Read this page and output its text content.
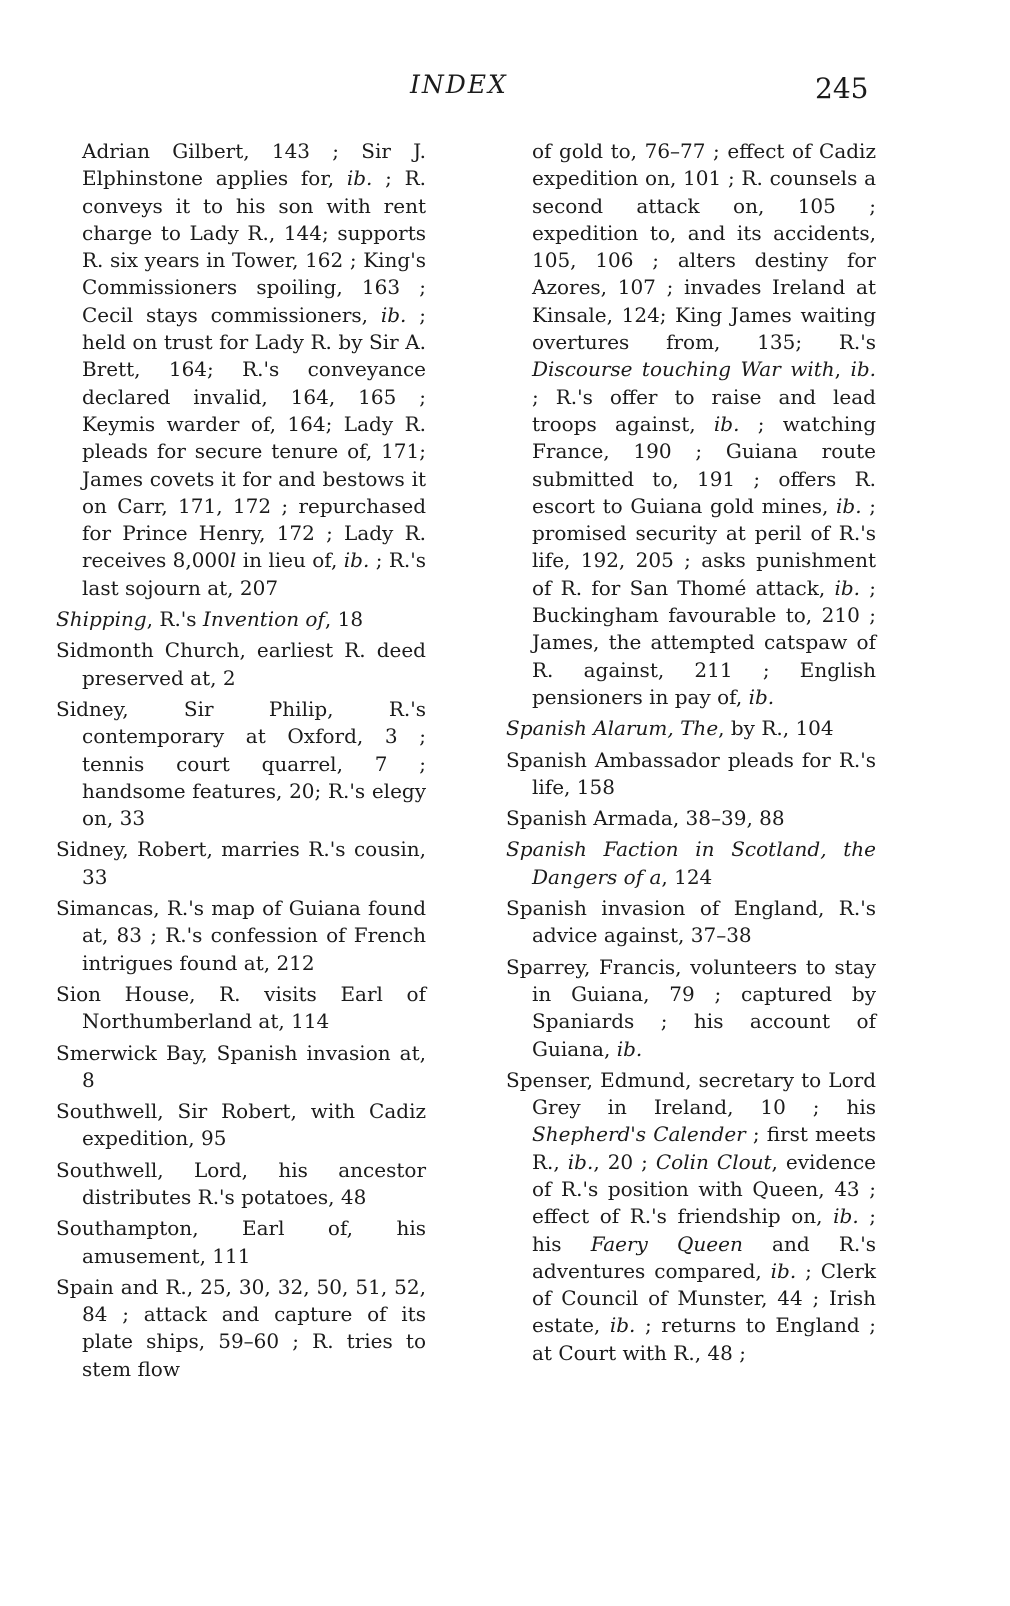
INDEX	245

Adrian Gilbert, 143 ; Sir J. Elphinstone applies for, ib. ; R. conveys it to his son with rent charge to Lady R., 144; supports R. six years in Tower, 162 ; King's Commissioners spoiling, 163 ; Cecil stays commissioners, ib. ; held on trust for Lady R. by Sir A. Brett, 164; R.'s conveyance declared invalid, 164, 165 ; Keymis warder of, 164; Lady R. pleads for secure tenure of, 171; James covets it for and bestows it on Carr, 171, 172 ; repurchased for Prince Henry, 172 ; Lady R. receives 8,000l in lieu of, ib. ; R.'s last sojourn at, 207

Shipping, R.'s Invention of, 18

Sidmonth Church, earliest R. deed preserved at, 2

Sidney, Sir Philip, R.'s contemporary at Oxford, 3 ; tennis court quarrel, 7 ; handsome features, 20; R.'s elegy on, 33

Sidney, Robert, marries R.'s cousin, 33

Simancas, R.'s map of Guiana found at, 83 ; R.'s confession of French intrigues found at, 212

Sion House, R. visits Earl of Northumberland at, 114

Smerwick Bay, Spanish invasion at, 8

Southwell, Sir Robert, with Cadiz expedition, 95

Southwell, Lord, his ancestor distributes R.'s potatoes, 48

Southampton, Earl of, his amusement, 111

Spain and R., 25, 30, 32, 50, 51, 52, 84 ; attack and capture of its plate ships, 59–60 ; R. tries to stem flow

of gold to, 76–77 ; effect of Cadiz expedition on, 101 ; R. counsels a second attack on, 105 ; expedition to, and its accidents, 105, 106 ; alters destiny for Azores, 107 ; invades Ireland at Kinsale, 124; King James waiting overtures from, 135; R.'s Discourse touching War with, ib. ; R.'s offer to raise and lead troops against, ib. ; watching France, 190 ; Guiana route submitted to, 191 ; offers R. escort to Guiana gold mines, ib. ; promised security at peril of R.'s life, 192, 205 ; asks punishment of R. for San Thomé attack, ib. ; Buckingham favourable to, 210 ; James, the attempted catspaw of R. against, 211 ; English pensioners in pay of, ib.

Spanish Alarum, The, by R., 104

Spanish Ambassador pleads for R.'s life, 158

Spanish Armada, 38–39, 88

Spanish Faction in Scotland, the Dangers of a, 124

Spanish invasion of England, R.'s advice against, 37–38

Sparrey, Francis, volunteers to stay in Guiana, 79 ; captured by Spaniards ; his account of Guiana, ib.

Spenser, Edmund, secretary to Lord Grey in Ireland, 10 ; his Shepherd's Calender ; first meets R., ib., 20 ; Colin Clout, evidence of R.'s position with Queen, 43 ; effect of R.'s friendship on, ib. ; his Faery Queen and R.'s adventures compared, ib. ; Clerk of Council of Munster, 44 ; Irish estate, ib. ; returns to England ; at Court with R., 48 ;
